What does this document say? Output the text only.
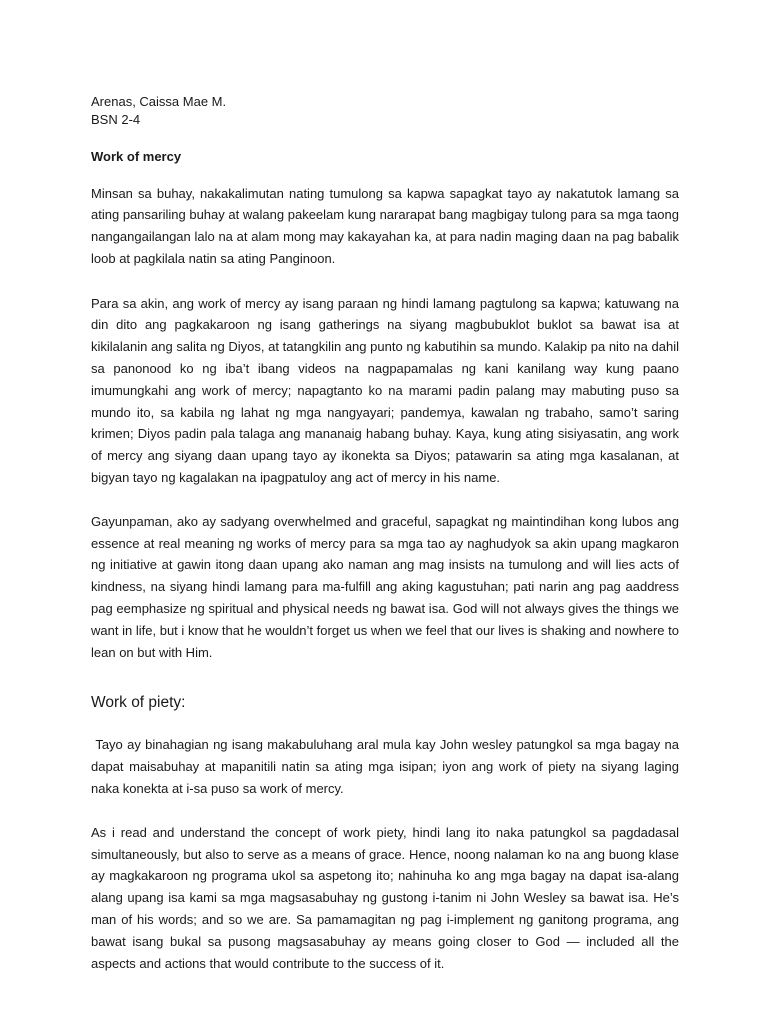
Arenas, Caissa Mae M.
BSN 2-4
Work of mercy

Minsan sa buhay, nakakalimutan nating tumulong sa kapwa sapagkat tayo ay nakatutok lamang sa ating pansariling buhay at walang pakeelam kung nararapat bang magbigay tulong para sa mga taong nangangailangan lalo na at alam mong may kakayahan ka, at para nadin maging daan na pag babalik loob at pagkilala natin sa ating Panginoon.

Para sa akin, ang work of mercy ay isang paraan ng hindi lamang pagtulong sa kapwa; katuwang na din dito ang pagkakaroon ng isang gatherings na siyang magbubuklot buklot sa bawat isa at kikilalanin ang salita ng Diyos, at tatangkilin ang punto ng kabutihin sa mundo. Kalakip pa nito na dahil sa panonood ko ng iba’t ibang videos na nagpapamalas ng kani kanilang way kung paano imumungkahi ang work of mercy; napagtanto ko na marami padin palang may mabuting puso sa mundo ito, sa kabila ng lahat ng mga nangyayari; pandemya, kawalan ng trabaho, samo’t saring krimen; Diyos padin pala talaga ang mananaig habang buhay. Kaya, kung ating sisiyasatin, ang work of mercy ang siyang daan upang tayo ay ikonekta sa Diyos; patawarin sa ating mga kasalanan, at bigyan tayo ng kagalakan na ipagpatuloy ang act of mercy in his name.

Gayunpaman, ako ay sadyang overwhelmed and graceful, sapagkat ng maintindihan kong lubos ang essence at real meaning ng works of mercy para sa mga tao ay naghudyok sa akin upang magkaron ng initiative at gawin itong daan upang ako naman ang mag insists na tumulong and will lies acts of kindness, na siyang hindi lamang para ma-fulfill ang aking kagustuhan; pati narin ang pag aaddress pag eemphasize ng spiritual and physical needs ng bawat isa. God will not always gives the things we want in life, but i know that he wouldn’t forget us when we feel that our lives is shaking and nowhere to lean on but with Him.

Work of piety:

Tayo ay binahagian ng isang makabuluhang aral mula kay John wesley patungkol sa mga bagay na dapat maisabuhay at mapanitili natin sa ating mga isipan; iyon ang work of piety na siyang laging naka konekta at i-sa puso sa work of mercy.

As i read and understand the concept of work piety, hindi lang ito naka patungkol sa pagdadasal simultaneously, but also to serve as a means of grace. Hence, noong nalaman ko na ang buong klase ay magkakaroon ng programa ukol sa aspetong ito; nahinuha ko ang mga bagay na dapat isa-alang alang upang isa kami sa mga magsasabuhay ng gustong i-tanim ni John Wesley sa bawat isa. He’s man of his words; and so we are. Sa pamamagitan ng pag i-implement ng ganitong programa, ang bawat isang bukal sa pusong magsasabuhay ay means going closer to God — included all the aspects and actions that would contribute to the success of it.
